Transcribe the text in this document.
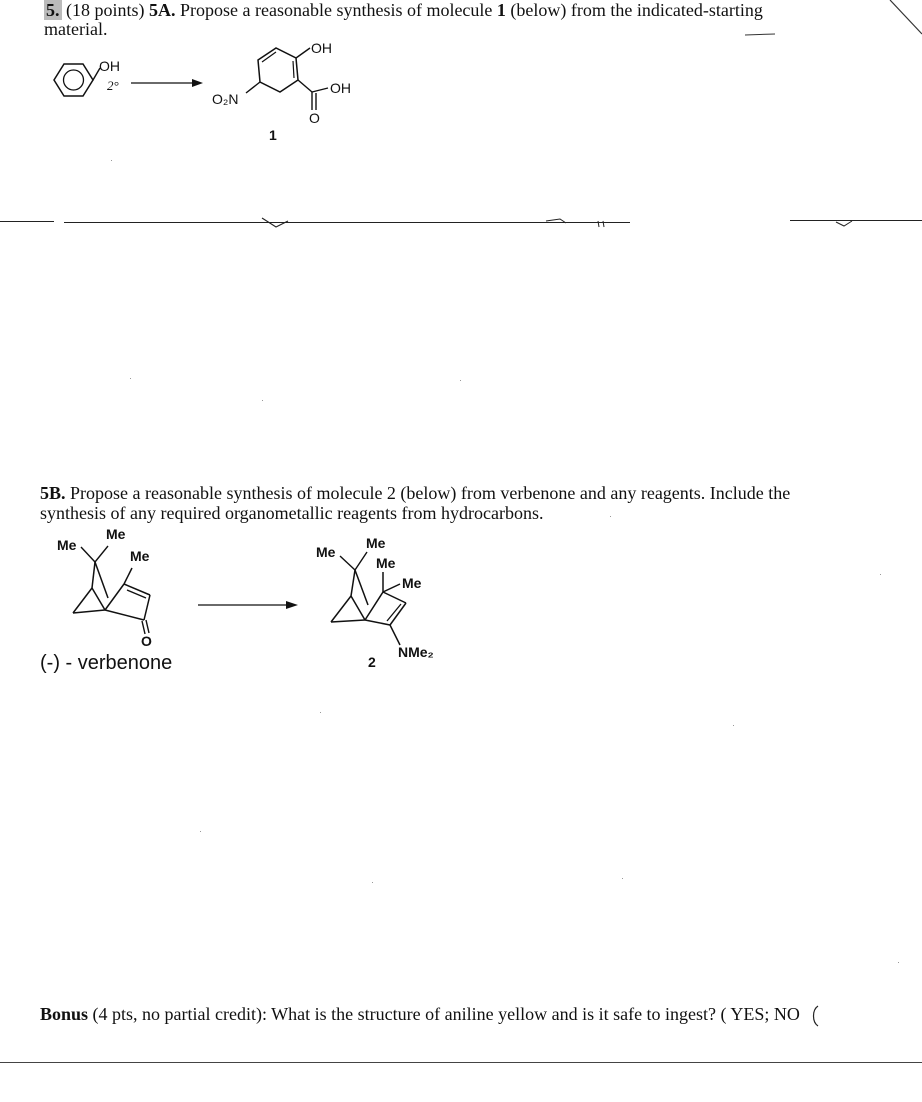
5. (18 points) 5A. Propose a reasonable synthesis of molecule 1 (below) from the indicated-starting
material.
OH
2°
OH
OH
O
O₂N
1
5B. Propose a reasonable synthesis of molecule 2 (below) from verbenone and any reagents. Include the
synthesis of any required organometallic reagents from hydrocarbons.
Me
Me
Me
O
(-) - verbenone
Me
Me
Me
Me
NMe₂
2
Bonus (4 pts, no partial credit): What is the structure of aniline yellow and is it safe to ingest? ( YES; NO
